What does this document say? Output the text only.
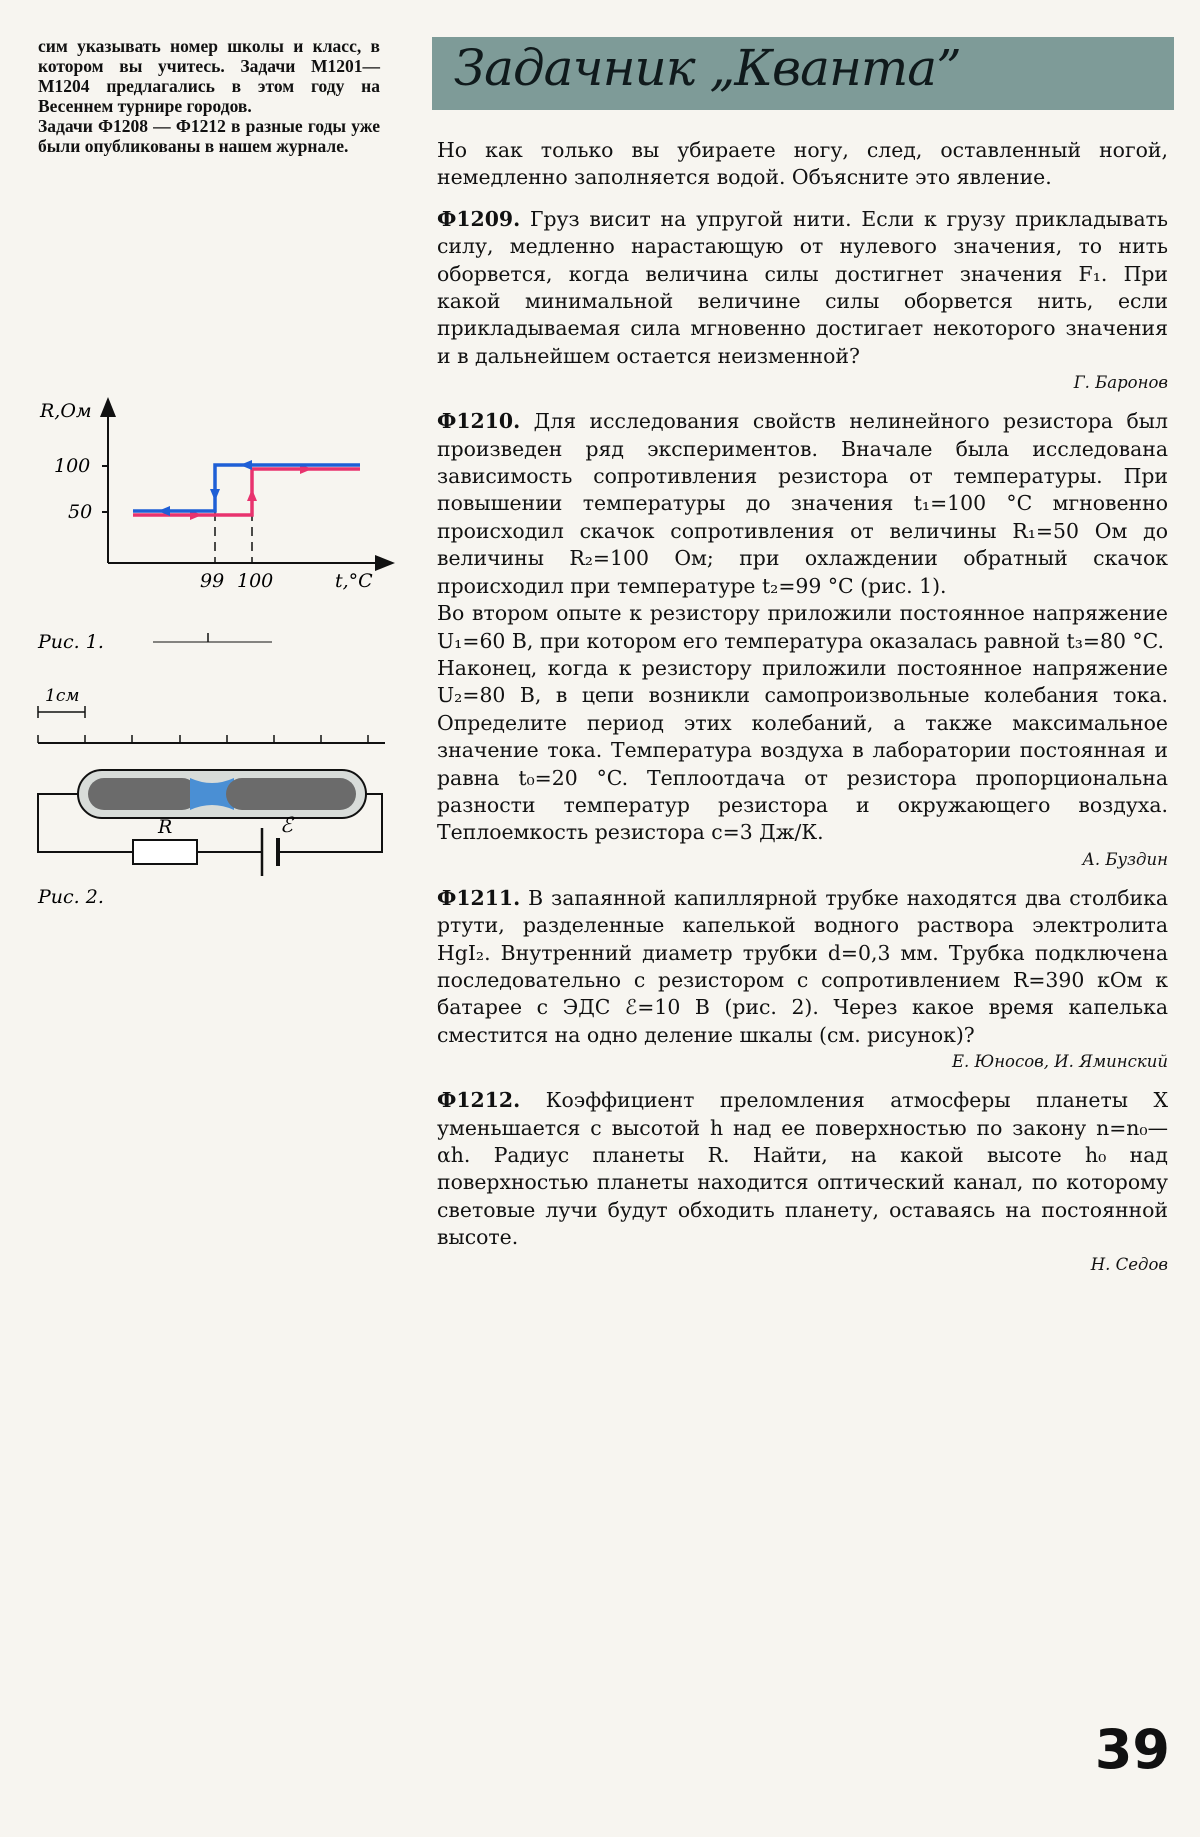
сим указывать номер школы и класс, в котором вы учитесь. Задачи М1201—М1204 предлагались в этом году на Весеннем турнире городов.

Задачи Ф1208 — Ф1212 в разные годы уже были опубликованы в нашем журнале.

Задачник „Кванта”

Но как только вы убираете ногу, след, оставленный ногой, немедленно заполняется водой. Объясните это явление.

Ф1209. Груз висит на упругой нити. Если к грузу прикладывать силу, медленно нарастающую от нулевого значения, то нить оборвется, когда величина силы достигнет значения F₁. При какой минимальной величине силы оборвется нить, если прикладываемая сила мгновенно достигает некоторого значения и в дальнейшем остается неизменной?

Г. Баронов

Ф1210. Для исследования свойств нелинейного резистора был произведен ряд экспериментов. Вначале была исследована зависимость сопротивления резистора от температуры. При повышении температуры до значения t₁=100 °C мгновенно происходил скачок сопротивления от величины R₁=50 Ом до величины R₂=100 Ом; при охлаждении обратный скачок происходил при температуре t₂=99 °C (рис. 1).

Во втором опыте к резистору приложили постоянное напряжение U₁=60 В, при котором его температура оказалась равной t₃=80 °C.

Наконец, когда к резистору приложили постоянное напряжение U₂=80 В, в цепи возникли самопроизвольные колебания тока. Определите период этих колебаний, а также максимальное значение тока. Температура воздуха в лаборатории постоянная и равна t₀=20 °C. Теплоотдача от резистора пропорциональна разности температур резистора и окружающего воздуха. Теплоемкость резистора c=3 Дж/К.

А. Буздин

Ф1211. В запаянной капиллярной трубке находятся два столбика ртути, разделенные капелькой водного раствора электролита HgI₂. Внутренний диаметр трубки d=0,3 мм. Трубка подключена последовательно с резистором с сопротивлением R=390 кОм к батарее с ЭДС ℰ=10 В (рис. 2). Через какое время капелька сместится на одно деление шкалы (см. рисунок)?

Е. Юносов, И. Яминский

Ф1212. Коэффициент преломления атмосферы планеты X уменьшается с высотой h над ее поверхностью по закону n=n₀—αh. Радиус планеты R. Найти, на какой высоте h₀ над поверхностью планеты находится оптический канал, по которому световые лучи будут обходить планету, оставаясь на постоянной высоте.

Н. Седов
R,Ом
t,°C
100
50
99 100
Рис. 1.
1см
R	ℰ
Рис. 2.
39
